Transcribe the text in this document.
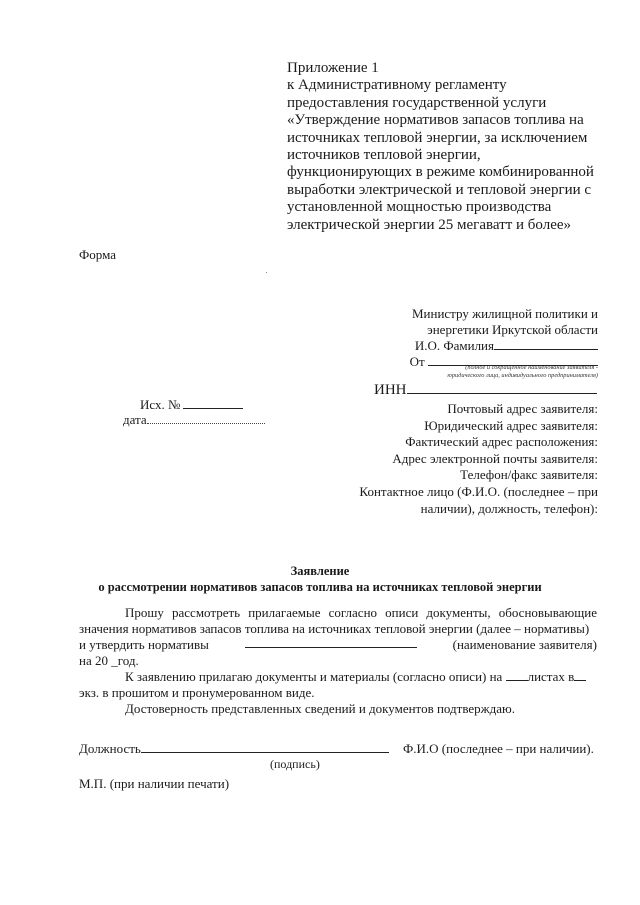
Приложение 1
к Административному регламенту
предоставления государственной услуги
«Утверждение нормативов запасов топлива на
источниках тепловой энергии, за исключением
источников тепловой энергии,
функционирующих в режиме комбинированной
выработки электрической и тепловой энергии с
установленной мощностью производства
электрической энергии 25 мегаватт и более»
Форма
Министру жилищной политики и
энергетики Иркутской области
И.О. Фамилия
От	(полное и сокращенное наименование заявителя -
юридического лица, индивидуального предпринимателя)
ИНН
Исх. №
дата
Почтовый адрес заявителя:
Юридический адрес заявителя:
Фактический адрес расположения:
Адрес электронной почты заявителя:
Телефон/факс заявителя:
Контактное лицо (Ф.И.О. (последнее – при
наличии), должность, телефон):
Заявление
о рассмотрении нормативов запасов топлива на источниках тепловой энергии
Прошу рассмотреть прилагаемые согласно описи документы, обосновывающие
значения нормативов запасов топлива на источниках тепловой энергии (далее – нормативы)
и утвердить нормативы	(наименование заявителя)
на 20 _год.
К заявлению прилагаю документы и материалы (согласно описи) на листах в
экз. в прошитом и пронумерованном виде.
Достоверность представленных сведений и документов подтверждаю.
Должность	Ф.И.О (последнее – при наличии).
(подпись)
М.П. (при наличии печати)
